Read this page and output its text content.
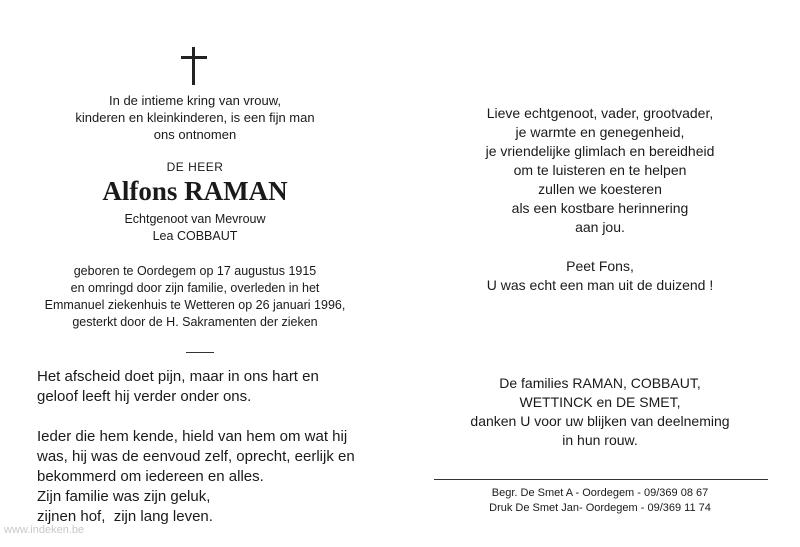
In de intieme kring van vrouw,
kinderen en kleinkinderen, is een fijn man
ons ontnomen
DE HEER
Alfons RAMAN
Echtgenoot van Mevrouw
Lea COBBAUT
geboren te Oordegem op 17 augustus 1915
en omringd door zijn familie, overleden in het
Emmanuel ziekenhuis te Wetteren op 26 januari 1996,
gesterkt door de H. Sakramenten der zieken

Het afscheid doet pijn, maar in ons hart en
geloof leeft hij verder onder ons.

Ieder die hem kende, hield van hem om wat hij
was, hij was de eenvoud zelf, oprecht, eerlijk en
bekommerd om iedereen en alles.
Zijn familie was zijn geluk,
zijnen hof,  zijn lang leven.

Lieve echtgenoot, vader, grootvader,
je warmte en genegenheid,
je vriendelijke glimlach en bereidheid
om te luisteren en te helpen
zullen we koesteren
als een kostbare herinnering
aan jou.
Peet Fons,
U was echt een man uit de duizend !
De families RAMAN, COBBAUT,
WETTINCK en DE SMET,
danken U voor uw blijken van deelneming
in hun rouw.
Begr. De Smet A - Oordegem - 09/369 08 67
Druk De Smet Jan- Oordegem - 09/369 11 74
www.indeken.be
